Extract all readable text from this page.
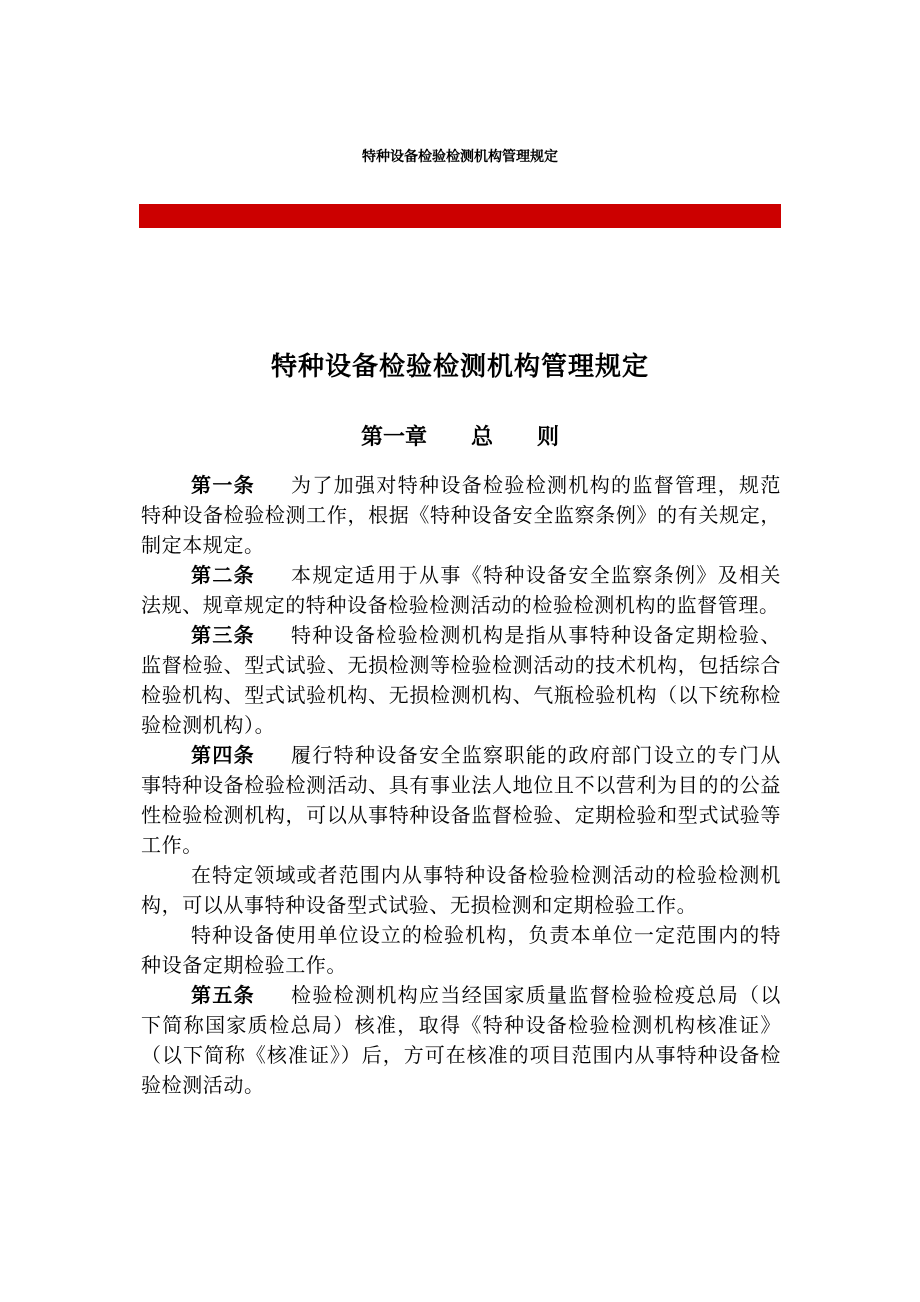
特种设备检验检测机构管理规定
特种设备检验检测机构管理规定
第一章　　总　　则

第一条 为了加强对特种设备检验检测机构的监督管理，规范特种设备检验检测工作，根据《特种设备安全监察条例》的有关规定，制定本规定。

第二条 本规定适用于从事《特种设备安全监察条例》及相关法规、规章规定的特种设备检验检测活动的检验检测机构的监督管理。

第三条 特种设备检验检测机构是指从事特种设备定期检验、监督检验、型式试验、无损检测等检验检测活动的技术机构，包括综合检验机构、型式试验机构、无损检测机构、气瓶检验机构（以下统称检验检测机构）。

第四条 履行特种设备安全监察职能的政府部门设立的专门从事特种设备检验检测活动、具有事业法人地位且不以营利为目的的公益性检验检测机构，可以从事特种设备监督检验、定期检验和型式试验等工作。

在特定领域或者范围内从事特种设备检验检测活动的检验检测机构，可以从事特种设备型式试验、无损检测和定期检验工作。

特种设备使用单位设立的检验机构，负责本单位一定范围内的特种设备定期检验工作。

第五条 检验检测机构应当经国家质量监督检验检疫总局（以下简称国家质检总局）核准，取得《特种设备检验检测机构核准证》（以下简称《核准证》）后，方可在核准的项目范围内从事特种设备检验检测活动。
